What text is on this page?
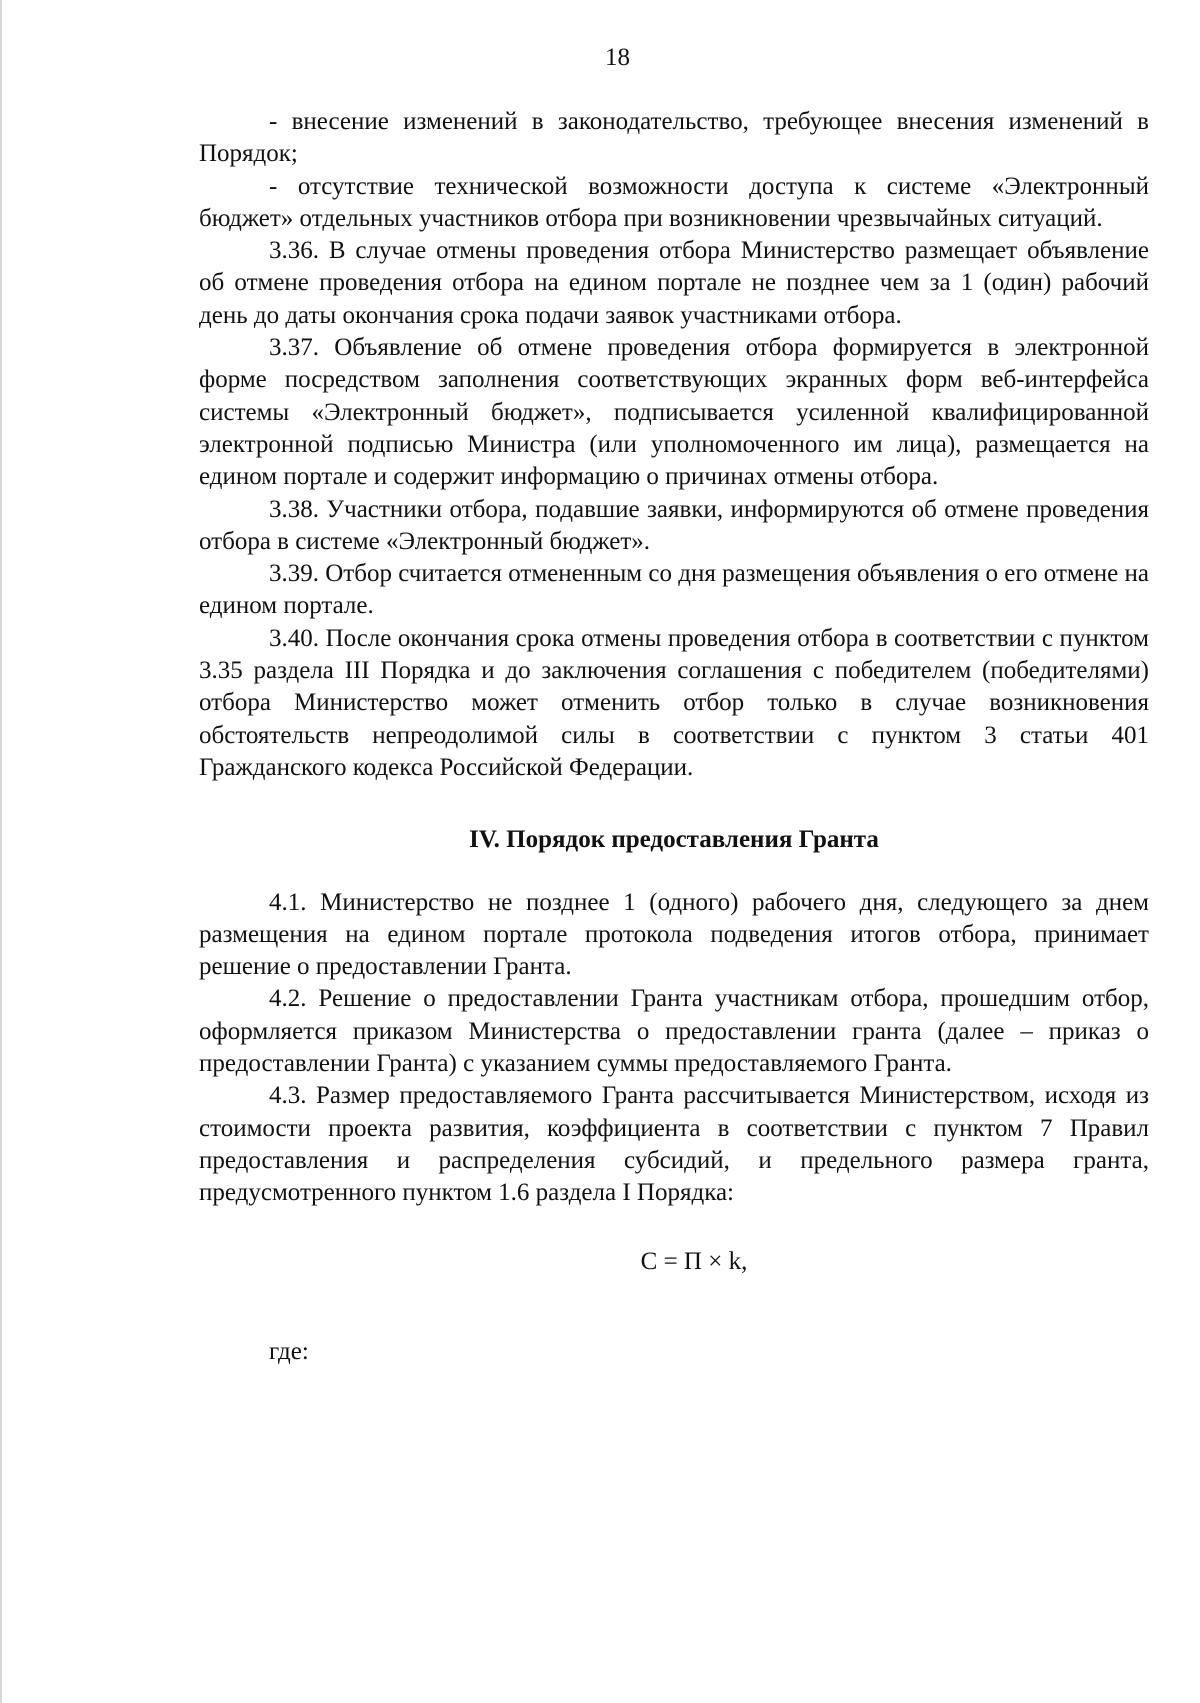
18

- внесение изменений в законодательство, требующее внесения изменений в Порядок;

- отсутствие технической возможности доступа к системе «Электронный бюджет» отдельных участников отбора при возникновении чрезвычайных ситуаций.

3.36. В случае отмены проведения отбора Министерство размещает объявление об отмене проведения отбора на едином портале не позднее чем за 1 (один) рабочий день до даты окончания срока подачи заявок участниками отбора.

3.37. Объявление об отмене проведения отбора формируется в электронной форме посредством заполнения соответствующих экранных форм веб-интерфейса системы «Электронный бюджет», подписывается усиленной квалифицированной электронной подписью Министра (или уполномоченного им лица), размещается на едином портале и содержит информацию о причинах отмены отбора.

3.38. Участники отбора, подавшие заявки, информируются об отмене проведения отбора в системе «Электронный бюджет».

3.39. Отбор считается отмененным со дня размещения объявления о его отмене на едином портале.

3.40. После окончания срока отмены проведения отбора в соответствии с пунктом 3.35 раздела III Порядка и до заключения соглашения с победителем (победителями) отбора Министерство может отменить отбор только в случае возникновения обстоятельств непреодолимой силы в соответствии с пунктом 3 статьи 401 Гражданского кодекса Российской Федерации.

IV. Порядок предоставления Гранта

4.1. Министерство не позднее 1 (одного) рабочего дня, следующего за днем размещения на едином портале протокола подведения итогов отбора, принимает решение о предоставлении Гранта.

4.2. Решение о предоставлении Гранта участникам отбора, прошедшим отбор, оформляется приказом Министерства о предоставлении гранта (далее – приказ о предоставлении Гранта) с указанием суммы предоставляемого Гранта.

4.3. Размер предоставляемого Гранта рассчитывается Министерством, исходя из стоимости проекта развития, коэффициента в соответствии с пунктом 7 Правил предоставления и распределения субсидий, и предельного размера гранта, предусмотренного пунктом 1.6 раздела I Порядка:

C = П × k,

где:
